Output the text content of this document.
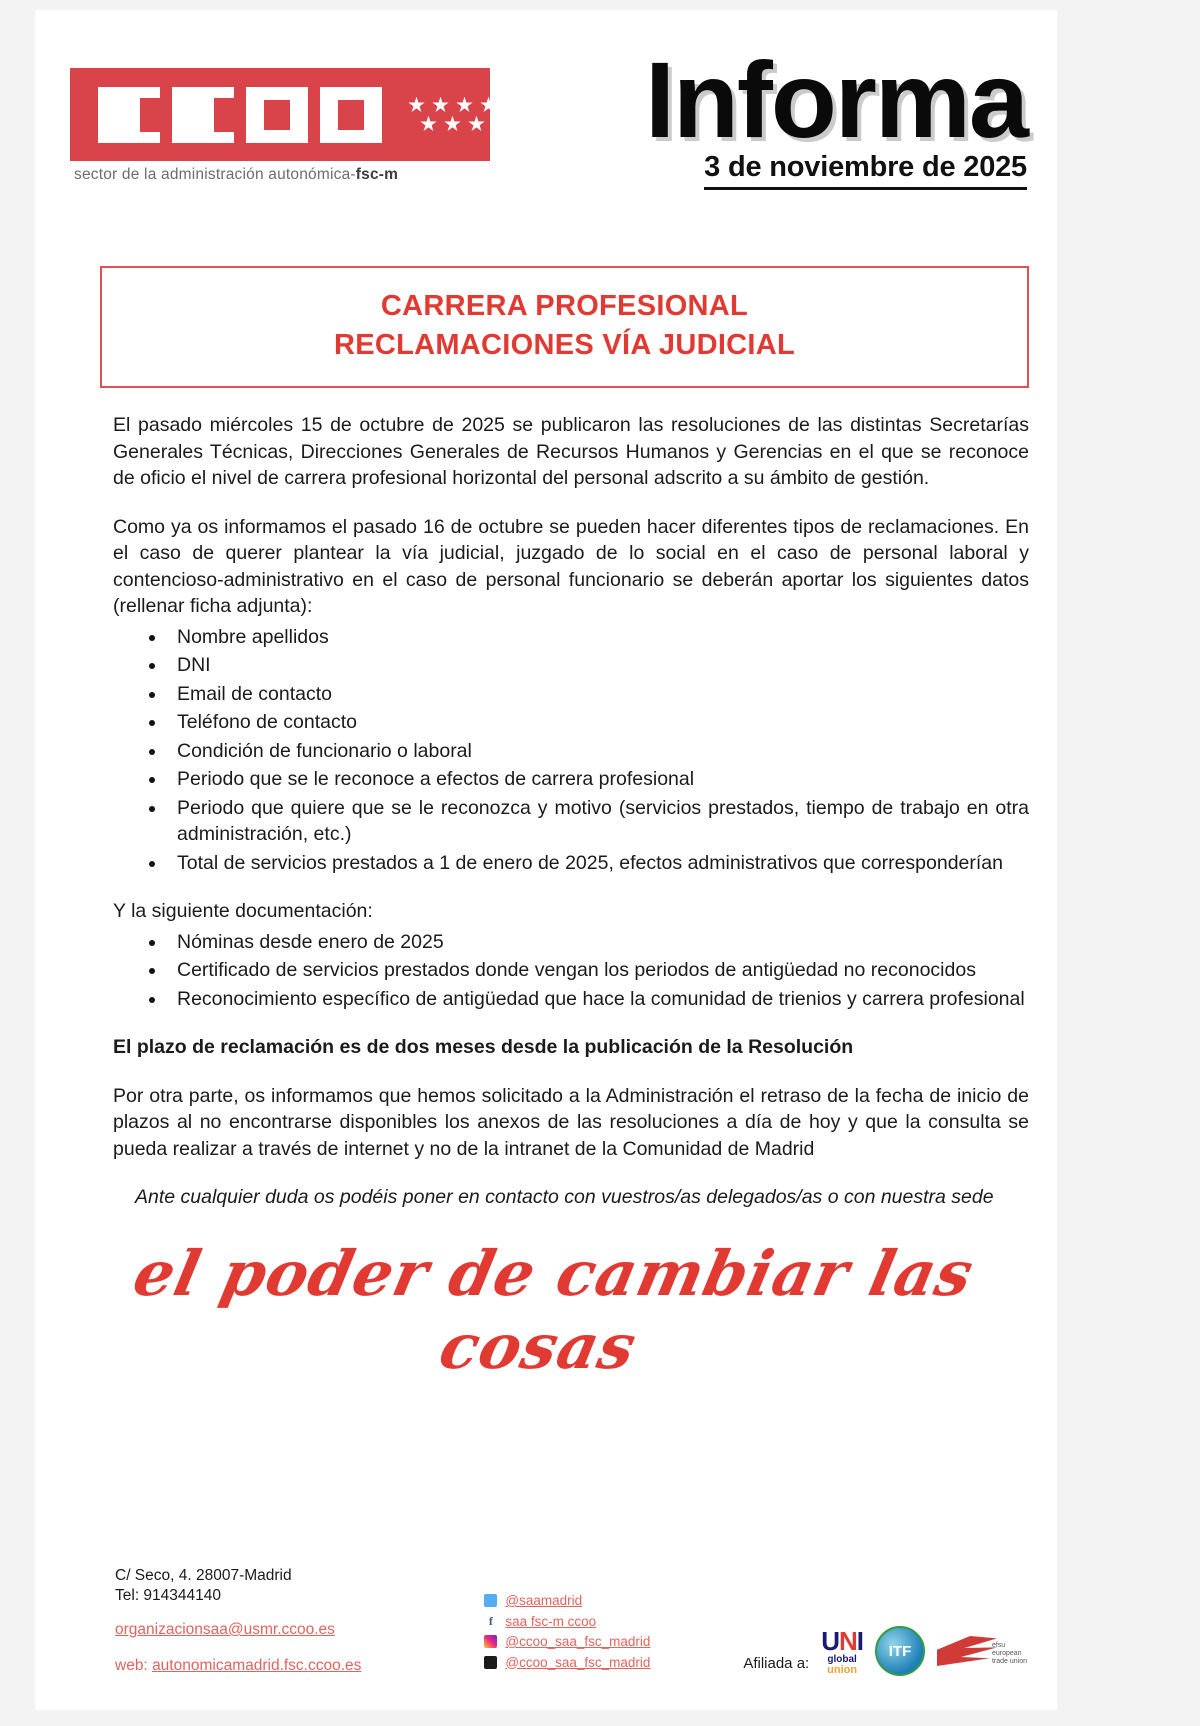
sector de la administración autonómica-fsc-m
Informa
3 de noviembre de 2025
CARRERA PROFESIONAL
RECLAMACIONES VÍA JUDICIAL

El pasado miércoles 15 de octubre de 2025 se publicaron las resoluciones de las distintas Secretarías Generales Técnicas, Direcciones Generales de Recursos Humanos y Gerencias en el que se reconoce de oficio el nivel de carrera profesional horizontal del personal adscrito a su ámbito de gestión.

Como ya os informamos el pasado 16 de octubre se pueden hacer diferentes tipos de reclamaciones. En el caso de querer plantear la vía judicial, juzgado de lo social en el caso de personal laboral y contencioso-administrativo en el caso de personal funcionario se deberán aportar los siguientes datos (rellenar ficha adjunta):

Nombre apellidos
DNI
Email de contacto
Teléfono de contacto
Condición de funcionario o laboral
Periodo que se le reconoce a efectos de carrera profesional
Periodo que quiere que se le reconozca y motivo (servicios prestados, tiempo de trabajo en otra administración, etc.)
Total de servicios prestados a 1 de enero de 2025, efectos administrativos que corresponderían

Y la siguiente documentación:

Nóminas desde enero de 2025
Certificado de servicios prestados donde vengan los periodos de antigüedad no reconocidos
Reconocimiento específico de antigüedad que hace la comunidad de trienios y carrera profesional

El plazo de reclamación es de dos meses desde la publicación de la Resolución

Por otra parte, os informamos que hemos solicitado a la Administración el retraso de la fecha de inicio de plazos al no encontrarse disponibles los anexos de las resoluciones a día de hoy y que la consulta se pueda realizar a través de internet y no de la intranet de la Comunidad de Madrid

Ante cualquier duda os podéis poner en contacto con vuestros/as delegados/as o con nuestra sede

el poder de cambiar las cosas
C/ Seco, 4. 28007-Madrid
Tel: 914344140
organizacionsaa@usmr.ccoo.es
web: autonomicamadrid.fsc.ccoo.es
@saamadrid
f saa fsc-m ccoo
@ccoo_saa_fsc_madrid
@ccoo_saa_fsc_madrid	Afiliada a:
UNI
global
union
ITF	efsu
european
trade union
